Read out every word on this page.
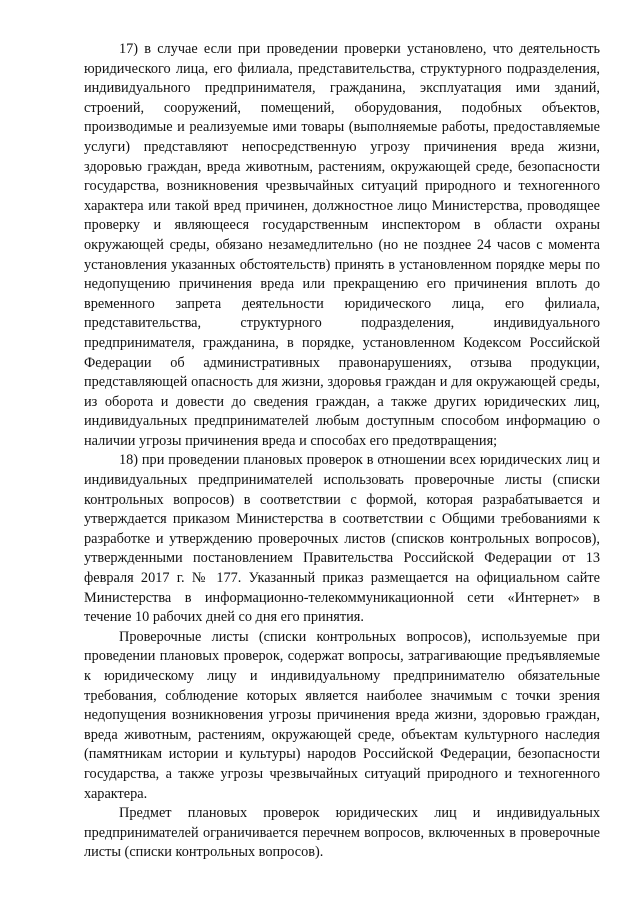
17) в случае если при проведении проверки установлено, что деятельность юридического лица, его филиала, представительства, структурного подразделения, индивидуального предпринимателя, гражданина, эксплуатация ими зданий, строений, сооружений, помещений, оборудования, подобных объектов, производимые и реализуемые ими товары (выполняемые работы, предоставляемые услуги) представляют непосредственную угрозу причинения вреда жизни, здоровью граждан, вреда животным, растениям, окружающей среде, безопасности государства, возникновения чрезвычайных ситуаций природного и техногенного характера или такой вред причинен, должностное лицо Министерства, проводящее проверку и являющееся государственным инспектором в области охраны окружающей среды, обязано незамедлительно (но не позднее 24 часов с момента установления указанных обстоятельств) принять в установленном порядке меры по недопущению причинения вреда или прекращению его причинения вплоть до временного запрета деятельности юридического лица, его филиала, представительства, структурного подразделения, индивидуального предпринимателя, гражданина, в порядке, установленном Кодексом Российской Федерации об административных правонарушениях, отзыва продукции, представляющей опасность для жизни, здоровья граждан и для окружающей среды, из оборота и довести до сведения граждан, а также других юридических лиц, индивидуальных предпринимателей любым доступным способом информацию о наличии угрозы причинения вреда и способах его предотвращения;

18) при проведении плановых проверок в отношении всех юридических лиц и индивидуальных предпринимателей использовать проверочные листы (списки контрольных вопросов) в соответствии с формой, которая разрабатывается и утверждается приказом Министерства в соответствии с Общими требованиями к разработке и утверждению проверочных листов (списков контрольных вопросов), утвержденными постановлением Правительства Российской Федерации от 13 февраля 2017 г. № 177. Указанный приказ размещается на официальном сайте Министерства в информационно-телекоммуникационной сети «Интернет» в течение 10 рабочих дней со дня его принятия.

Проверочные листы (списки контрольных вопросов), используемые при проведении плановых проверок, содержат вопросы, затрагивающие предъявляемые к юридическому лицу и индивидуальному предпринимателю обязательные требования, соблюдение которых является наиболее значимым с точки зрения недопущения возникновения угрозы причинения вреда жизни, здоровью граждан, вреда животным, растениям, окружающей среде, объектам культурного наследия (памятникам истории и культуры) народов Российской Федерации, безопасности государства, а также угрозы чрезвычайных ситуаций природного и техногенного характера.

Предмет плановых проверок юридических лиц и индивидуальных предпринимателей ограничивается перечнем вопросов, включенных в проверочные листы (списки контрольных вопросов).
